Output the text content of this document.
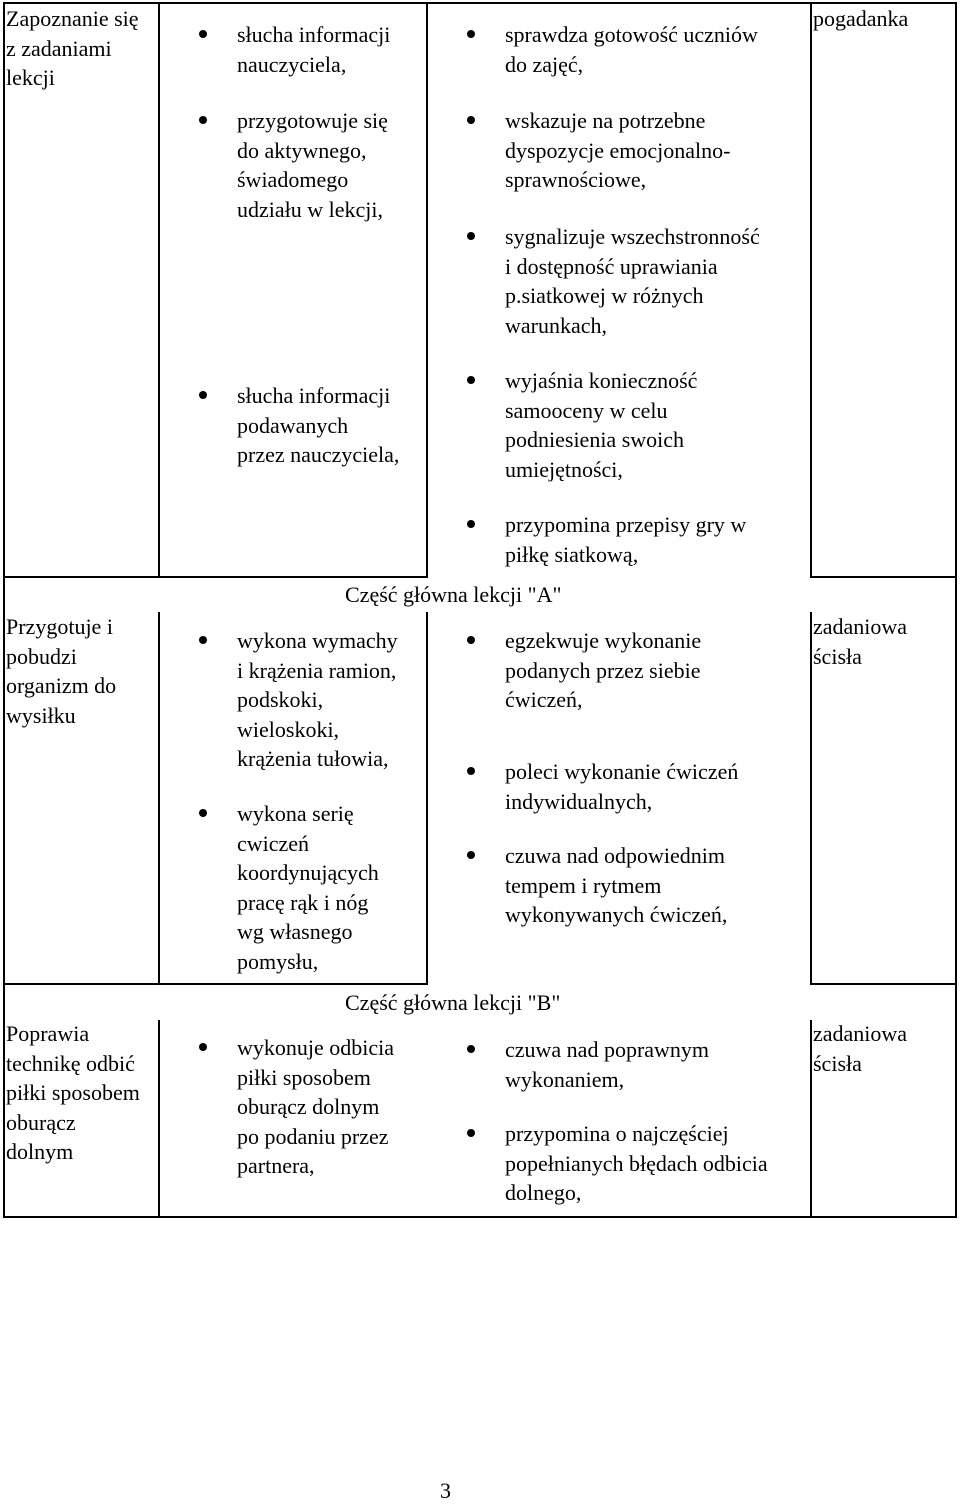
Zapoznanie się
z zadaniami
lekcji
słucha informacji
nauczyciela,
przygotowuje się
do aktywnego,
świadomego
udziału w lekcji,
słucha informacji
podawanych
przez nauczyciela,
sprawdza gotowość uczniów
do zajęć,
wskazuje na potrzebne
dyspozycje emocjonalno-
sprawnościowe,
sygnalizuje wszechstronność
i dostępność uprawiania
p.siatkowej w różnych
warunkach,
wyjaśnia konieczność
samooceny w celu
podniesienia swoich
umiejętności,
przypomina przepisy gry w
piłkę siatkową,
pogadanka
Część główna lekcji "A"
Przygotuje i
pobudzi
organizm do
wysiłku
wykona wymachy
i krążenia ramion,
podskoki,
wieloskoki,
krążenia tułowia,
wykona serię
cwiczeń
koordynujących
pracę rąk i nóg
wg własnego
pomysłu,
egzekwuje wykonanie
podanych przez siebie
ćwiczeń,
poleci wykonanie ćwiczeń
indywidualnych,
czuwa nad odpowiednim
tempem i rytmem
wykonywanych ćwiczeń,
zadaniowa
ścisła
Część główna lekcji "B"
Poprawia
technikę odbić
piłki sposobem
oburącz
dolnym
wykonuje odbicia
piłki sposobem
oburącz dolnym
po podaniu przez
partnera,
czuwa nad poprawnym
wykonaniem,
przypomina o najczęściej
popełnianych błędach odbicia
dolnego,
zadaniowa
ścisła
3
